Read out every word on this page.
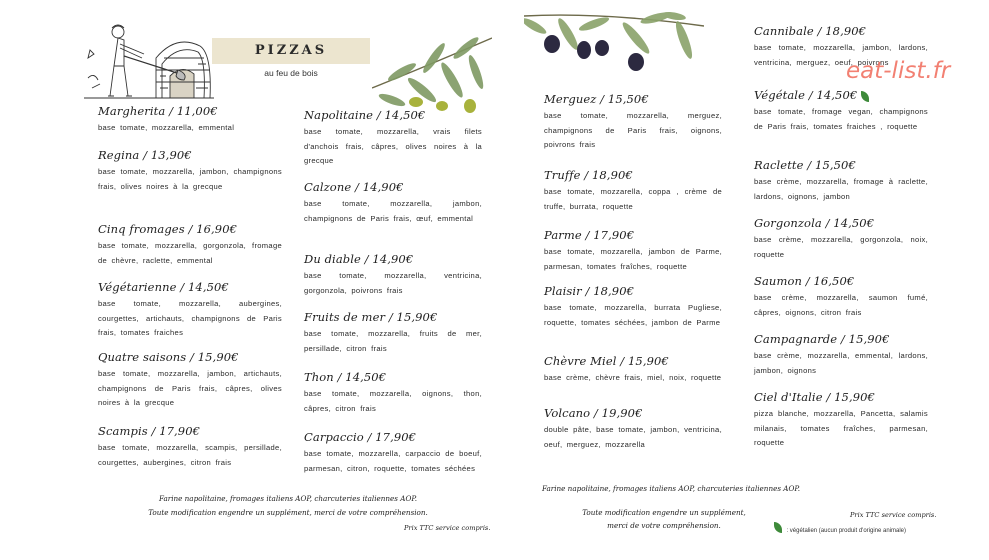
PIZZAS
au feu de bois
Margherita / 11,00€
base tomate, mozzarella, emmental
Regina / 13,90€
base tomate, mozzarella, jambon, champignons frais, olives noires à la grecque
Cinq fromages / 16,90€
base tomate, mozzarella, gorgonzola, fromage de chèvre, raclette, emmental
Végétarienne / 14,50€
base tomate, mozzarella, aubergines, courgettes, artichauts, champignons de Paris frais, tomates fraiches
Quatre saisons / 15,90€
base tomate, mozzarella, jambon, artichauts, champignons de Paris frais, câpres, olives noires à la grecque
Scampis / 17,90€
base tomate, mozzarella, scampis, persillade, courgettes, aubergines, citron frais
Napolitaine / 14,50€
base tomate, mozzarella, vrais filets d'anchois frais, câpres, olives noires à la grecque
Calzone / 14,90€
base tomate, mozzarella, jambon, champignons de Paris frais, œuf, emmental
Du diable / 14,90€
base tomate, mozzarella, ventricina, gorgonzola, poivrons frais
Fruits de mer / 15,90€
base tomate, mozzarella, fruits de mer, persillade, citron frais
Thon / 14,50€
base tomate, mozzarella, oignons, thon, câpres, citron frais
Carpaccio / 17,90€
base tomate, mozzarella, carpaccio de boeuf, parmesan, citron, roquette, tomates séchées
Farine napolitaine, fromages italiens AOP, charcuteries italiennes AOP.
Toute modification engendre un supplément, merci de votre compréhension.
Prix TTC service compris.
Merguez / 15,50€
base tomate, mozzarella, merguez, champignons de Paris frais, oignons, poivrons frais
Truffe / 18,90€
base tomate, mozzarella, coppa , crème de truffe, burrata, roquette
Parme / 17,90€
base tomate, mozzarella, jambon de Parme, parmesan, tomates fraîches, roquette
Plaisir / 18,90€
base tomate, mozzarella, burrata Pugliese, roquette, tomates séchées, jambon de Parme
Chèvre Miel / 15,90€
base crème, chèvre frais, miel, noix, roquette
Volcano / 19,90€
double pâte, base tomate, jambon, ventricina, oeuf, merguez, mozzarella
Cannibale / 18,90€
base tomate, mozzarella, jambon, lardons, ventricina, merguez, oeuf, poivrons
Végétale / 14,50€
base tomate, fromage vegan, champignons de Paris frais, tomates fraiches , roquette
Raclette / 15,50€
base crème, mozzarella, fromage à raclette, lardons, oignons, jambon
Gorgonzola / 14,50€
base crème, mozzarella, gorgonzola, noix, roquette
Saumon / 16,50€
base crème, mozzarella, saumon fumé, câpres, oignons, citron frais
Campagnarde / 15,90€
base crème, mozzarella, emmental, lardons, jambon, oignons
Ciel d'Italie / 15,90€
pizza blanche, mozzarella, Pancetta, salamis milanais, tomates fraîches, parmesan, roquette
Farine napolitaine, fromages italiens AOP, charcuteries italiennes AOP.
Toute modification engendre un supplément,
merci de votre compréhension.
Prix TTC service compris.
: végétalien (aucun produit d'origine animale)
eat-list.fr
